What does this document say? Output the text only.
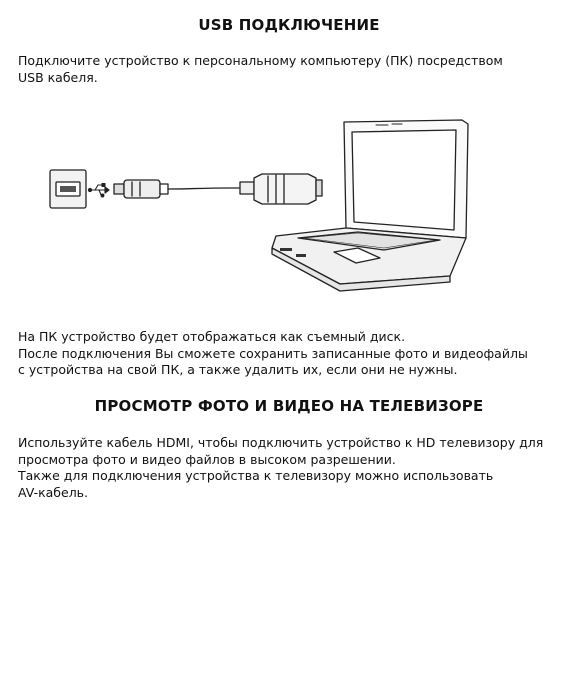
USB ПОДКЛЮЧЕНИЕ
Подключите устройство к персональному компьютеру (ПК) посредством
USB кабеля.
На ПК устройство будет отображаться как съемный диск.
После подключения Вы сможете сохранить записанные фото и видеофайлы
с устройства на свой ПК, а также удалить их, если они не нужны.
ПРОСМОТР ФОТО И ВИДЕО НА ТЕЛЕВИЗОРЕ
Используйте кабель HDMI, чтобы подключить устройство к HD телевизору для
просмотра фото и видео файлов в высоком разрешении.
Также для подключения устройства к телевизору можно использовать
AV-кабель.
